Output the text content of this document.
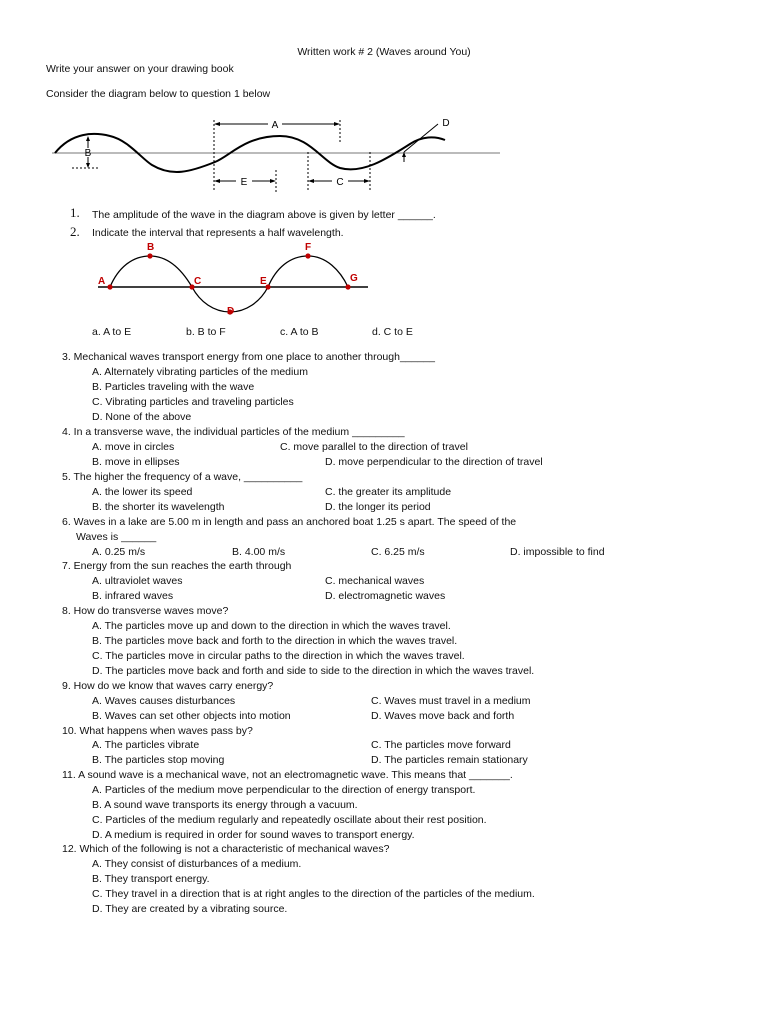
Written work # 2 (Waves around You)
Write your answer on your drawing book
Consider the diagram below to question 1 below
A
B
E	C
D
1. The amplitude of the wave in the diagram above is given by letter ______.
2. Indicate the interval that represents a half wavelength.
A
B
C
D
E
F
G
a. A to E	b. B to F	c. A to B	d. C to E
3. Mechanical waves transport energy from one place to another through______
A. Alternately vibrating particles of the medium
B. Particles traveling with the wave
C. Vibrating particles and traveling particles
D. None of the above
4. In a transverse wave, the individual particles of the medium _________
A. move in circles	C. move parallel to the direction of travel
B. move in ellipses	D. move perpendicular to the direction of travel
5. The higher the frequency of a wave, __________
A. the lower its speed	C. the greater its amplitude
B. the shorter its wavelength	D. the longer its period
6. Waves in a lake are 5.00 m in length and pass an anchored boat 1.25 s apart. The speed of the
Waves is ______
A. 0.25 m/s	B. 4.00 m/s	C. 6.25 m/s	D. impossible to find
7. Energy from the sun reaches the earth through
A. ultraviolet waves	C. mechanical waves
B. infrared waves	D. electromagnetic waves
8. How do transverse waves move?
A. The particles move up and down to the direction in which the waves travel.
B. The particles move back and forth to the direction in which the waves travel.
C. The particles move in circular paths to the direction in which the waves travel.
D. The particles move back and forth and side to side to the direction in which the waves travel.
9. How do we know that waves carry energy?
A. Waves causes disturbances	C. Waves must travel in a medium
B. Waves can set other objects into motion	D. Waves move back and forth
10. What happens when waves pass by?
A. The particles vibrate	C. The particles move forward
B. The particles stop moving	D. The particles remain stationary
11. A sound wave is a mechanical wave, not an electromagnetic wave. This means that _______.
A. Particles of the medium move perpendicular to the direction of energy transport.
B. A sound wave transports its energy through a vacuum.
C. Particles of the medium regularly and repeatedly oscillate about their rest position.
D. A medium is required in order for sound waves to transport energy.
12. Which of the following is not a characteristic of mechanical waves?
A. They consist of disturbances of a medium.
B. They transport energy.
C. They travel in a direction that is at right angles to the direction of the particles of the medium.
D. They are created by a vibrating source.
